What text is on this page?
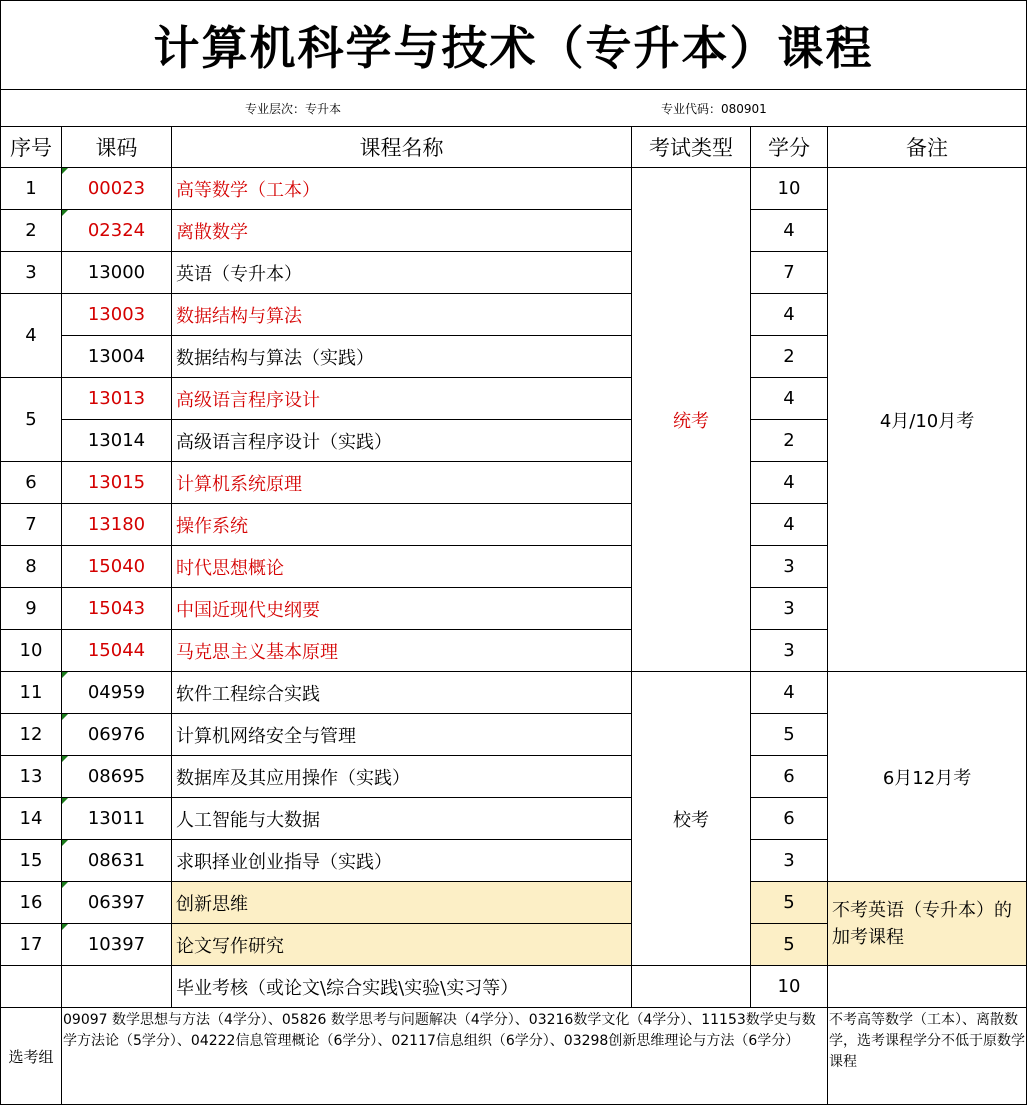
计算机科学与技术（专升本）课程					

专业层次：专升本 专业代码：080901					

序号	课码	课程名称	考试类型	学分	备注
1	00023	高等数学（工本）	统考	10	4月/10月考
2	02324	离散数学		4	
3	13000	英语（专升本）		7	
4	13003	数据结构与算法		4	
	13004	数据结构与算法（实践）		2	
5	13013	高级语言程序设计		4	
	13014	高级语言程序设计（实践）		2	
6	13015	计算机系统原理		4	
7	13180	操作系统		4	
8	15040	时代思想概论		3	
9	15043	中国近现代史纲要		3	
10	15044	马克思主义基本原理		3	
11	04959	软件工程综合实践	校考	4	6月12月考
12	06976	计算机网络安全与管理		5	
13	08695	数据库及其应用操作（实践）		6	
14	13011	人工智能与大数据		6	
15	08631	求职择业创业指导（实践）		3	
16	06397	创新思维		5	不考英语（专升本）的加考课程
17	10397	论文写作研究		5	
		毕业考核（或论文\综合实践\实验\实习等）		10	
选考组	09097 数学思想与方法（4学分）、05826 数学思考与问题解决（4学分）、03216数学文化（4学分）、11153数学史与数学方法论（5学分）、04222信息管理概论（6学分）、02117信息组织（6学分）、03298创新思维理论与方法（6学分）				不考高等数学（工本）、离散数学，选考课程学分不低于原数学课程
